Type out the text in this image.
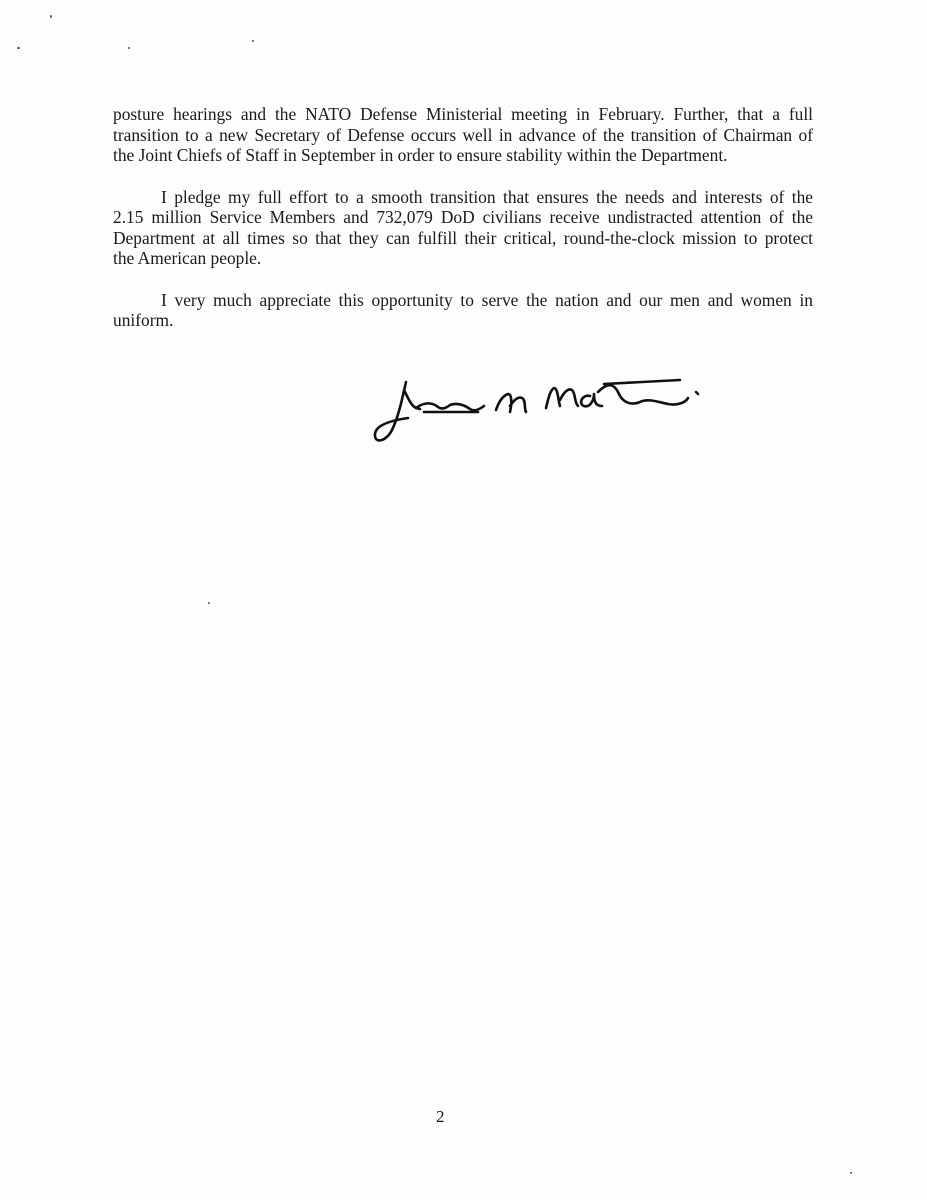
posture hearings and the NATO Defense Ministerial meeting in February. Further, that a full
transition to a new Secretary of Defense occurs well in advance of the transition of Chairman of
the Joint Chiefs of Staff in September in order to ensure stability within the Department.
I pledge my full effort to a smooth transition that ensures the needs and interests of the
2.15 million Service Members and 732,079 DoD civilians receive undistracted attention of the
Department at all times so that they can fulfill their critical, round-the-clock mission to protect
the American people.
I very much appreciate this opportunity to serve the nation and our men and women in
uniform.
2
